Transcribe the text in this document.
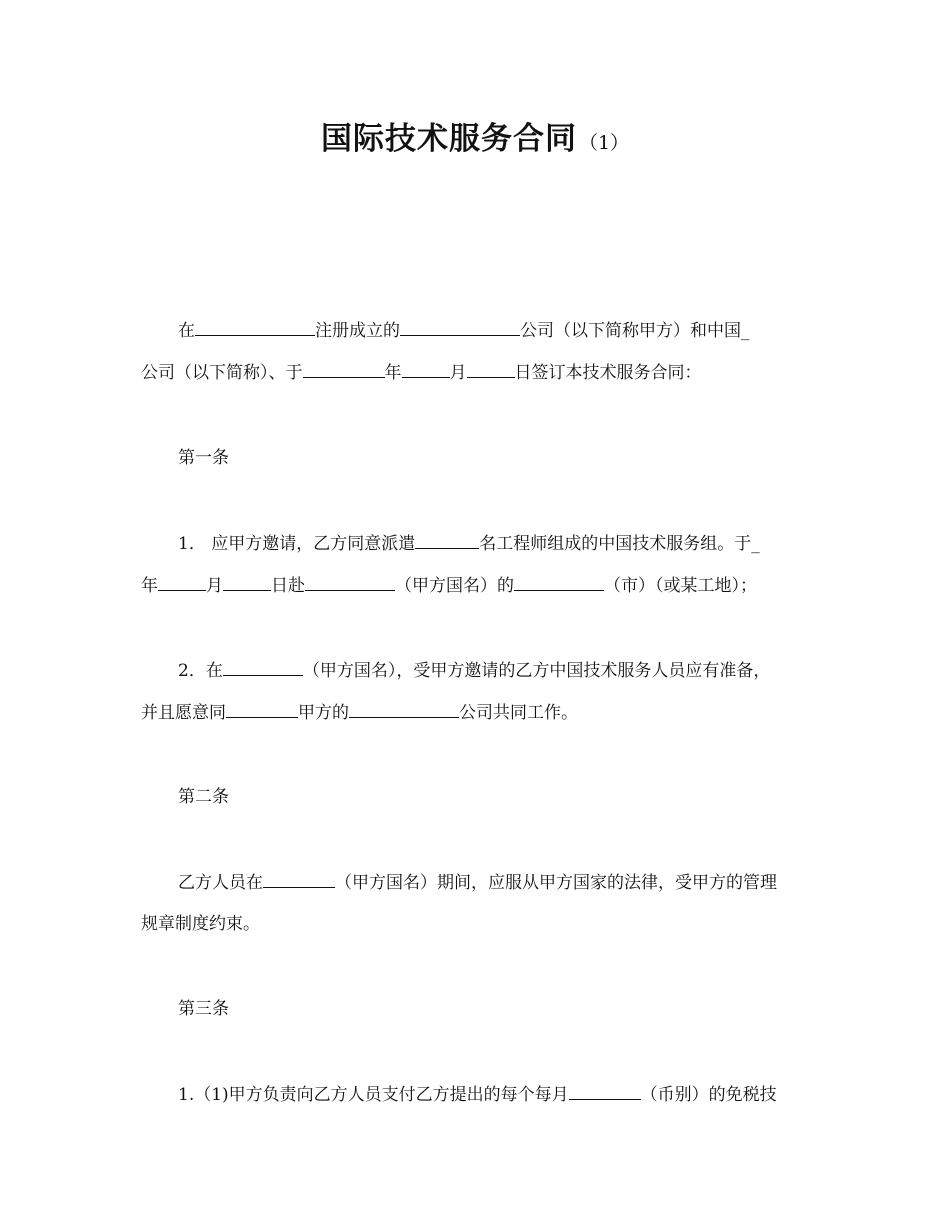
国际技术服务合同 （1）
在	注册成立的	公司（以下简称甲方）和中国_
公司（以下简称）、于	年	月	日签订本技术服务合同：
第一条
1． 应甲方邀请，乙方同意派遣	名工程师组成的中国技术服务组。于_
年	月	日赴	（甲方国名）的	（市）（或某工地）；
2．在	（甲方国名），受甲方邀请的乙方中国技术服务人员应有准备，
并且愿意同	甲方的	公司共同工作。
第二条
乙方人员在	（甲方国名）期间，应服从甲方国家的法律，受甲方的管理
规章制度约束。
第三条
1.（1)甲方负责向乙方人员支付乙方提出的每个每月	（币别）的免税技
